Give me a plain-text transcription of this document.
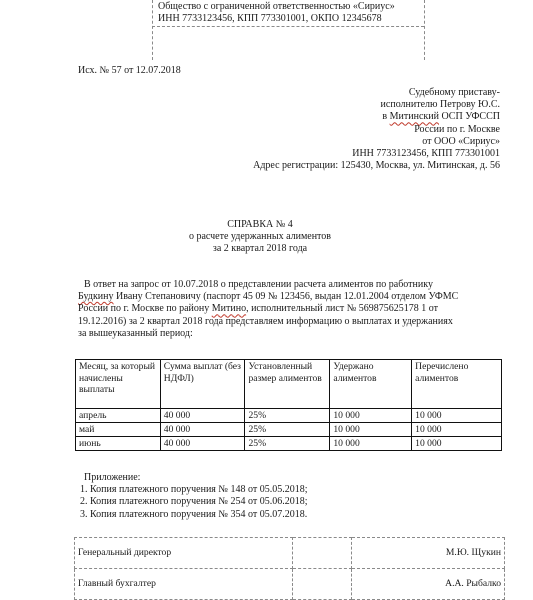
Общество с ограниченной ответственностью «Сириус»
ИНН 7733123456, КПП 773301001, ОКПО 12345678
Исх. № 57 от 12.07.2018
Судебному приставу-
исполнителю Петрову Ю.С.
в Митинский ОСП УФССП
России по г. Москве
от ООО «Сириус»
ИНН 7733123456, КПП 773301001
Адрес регистрации: 125430, Москва, ул. Митинская, д. 56
СПРАВКА № 4
о расчете удержанных алиментов
за 2 квартал 2018 года
В ответ на запрос от 10.07.2018 о представлении расчета алиментов по работнику
Будкину Ивану Степановичу (паспорт 45 09 № 123456, выдан 12.01.2004 отделом УФМС
России по г. Москве по району Митино, исполнительный лист № 569875625178 1 от
19.12.2016) за 2 квартал 2018 года представляем информацию о выплатах и удержаниях
за вышеуказанный период:
Месяц, за который начислены выплаты	Сумма выплат (без НДФЛ)	Установленный размер алиментов	Удержано алиментов	Перечислено алиментов
апрель	40 000	25%	10 000	10 000
май	40 000	25%	10 000	10 000
июнь	40 000	25%	10 000	10 000
Приложение:
1. Копия платежного поручения № 148 от 05.05.2018;
2. Копия платежного поручения № 254 от 05.06.2018;
3. Копия платежного поручения № 354 от 05.07.2018.
Генеральный директор		М.Ю. Щукин
Главный бухгалтер		А.А. Рыбалко
